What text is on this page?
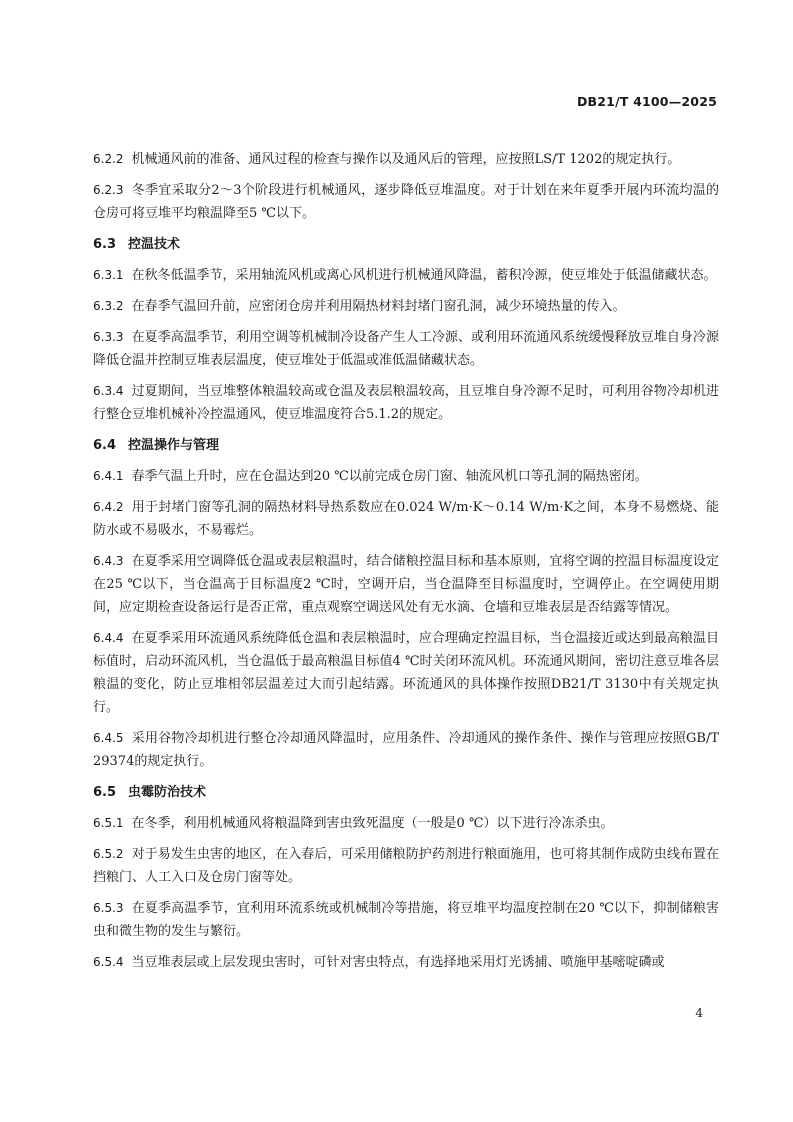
DB21/T 4100—2025

6.2.2 机械通风前的准备、通风过程的检查与操作以及通风后的管理，应按照LS/T 1202的规定执行。

6.2.3 冬季宜采取分2～3个阶段进行机械通风，逐步降低豆堆温度。对于计划在来年夏季开展内环流均温的仓房可将豆堆平均粮温降至5 ℃以下。

6.3 控温技术

6.3.1 在秋冬低温季节，采用轴流风机或离心风机进行机械通风降温，蓄积冷源，使豆堆处于低温储藏状态。

6.3.2 在春季气温回升前，应密闭仓房并利用隔热材料封堵门窗孔洞，减少环境热量的传入。

6.3.3 在夏季高温季节，利用空调等机械制冷设备产生人工冷源、或利用环流通风系统缓慢释放豆堆自身冷源降低仓温并控制豆堆表层温度，使豆堆处于低温或准低温储藏状态。

6.3.4 过夏期间，当豆堆整体粮温较高或仓温及表层粮温较高，且豆堆自身冷源不足时，可利用谷物冷却机进行整仓豆堆机械补冷控温通风，使豆堆温度符合5.1.2的规定。

6.4 控温操作与管理

6.4.1 春季气温上升时，应在仓温达到20 ℃以前完成仓房门窗、轴流风机口等孔洞的隔热密闭。

6.4.2 用于封堵门窗等孔洞的隔热材料导热系数应在0.024 W/m·K～0.14 W/m·K之间，本身不易燃烧、能防水或不易吸水，不易霉烂。

6.4.3 在夏季采用空调降低仓温或表层粮温时，结合储粮控温目标和基本原则，宜将空调的控温目标温度设定在25 ℃以下，当仓温高于目标温度2 ℃时，空调开启，当仓温降至目标温度时，空调停止。在空调使用期间，应定期检查设备运行是否正常，重点观察空调送风处有无水滴、仓墙和豆堆表层是否结露等情况。

6.4.4 在夏季采用环流通风系统降低仓温和表层粮温时，应合理确定控温目标，当仓温接近或达到最高粮温目标值时，启动环流风机，当仓温低于最高粮温目标值4 ℃时关闭环流风机。环流通风期间，密切注意豆堆各层粮温的变化，防止豆堆相邻层温差过大而引起结露。环流通风的具体操作按照DB21/T 3130中有关规定执行。

6.4.5 采用谷物冷却机进行整仓冷却通风降温时，应用条件、冷却通风的操作条件、操作与管理应按照GB/T 29374的规定执行。

6.5 虫霉防治技术

6.5.1 在冬季，利用机械通风将粮温降到害虫致死温度（一般是0 ℃）以下进行冷冻杀虫。

6.5.2 对于易发生虫害的地区，在入春后，可采用储粮防护药剂进行粮面施用，也可将其制作成防虫线布置在挡粮门、人工入口及仓房门窗等处。

6.5.3 在夏季高温季节，宜利用环流系统或机械制冷等措施，将豆堆平均温度控制在20 ℃以下，抑制储粮害虫和微生物的发生与繁衍。

6.5.4 当豆堆表层或上层发现虫害时，可针对害虫特点，有选择地采用灯光诱捕、喷施甲基嘧啶磷或

4
